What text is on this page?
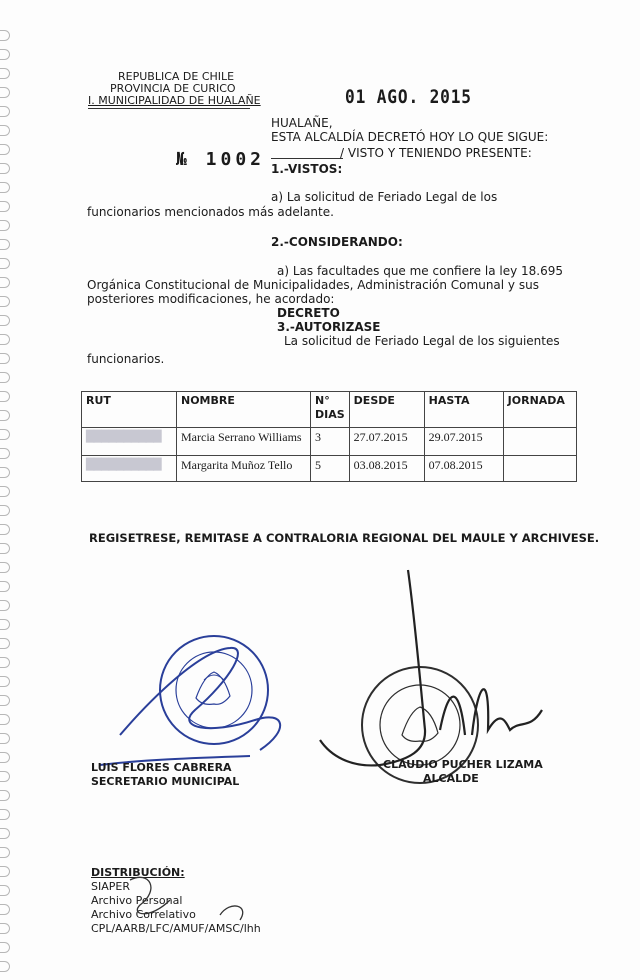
REPUBLICA DE CHILE
PROVINCIA DE CURICO
I. MUNICIPALIDAD DE HUALAÑE	01 AGO. 2015
HUALAÑE,
ESTA ALCALDÍA DECRETÓ HOY LO QUE SIGUE:
№ 1002	/ VISTO Y TENIENDO PRESENTE:
1.-VISTOS:
a) La solicitud de Feriado Legal de los
funcionarios mencionados más adelante.
2.-CONSIDERANDO:
a) Las facultades que me confiere la ley 18.695
Orgánica Constitucional de Municipalidades, Administración Comunal y sus
posteriores modificaciones, he acordado:
DECRETO
3.-AUTORIZASE
La solicitud de Feriado Legal de los siguientes
funcionarios.
RUT	NOMBRE	N°
DIAS	DESDE	HASTA	JORNADA
██████████	Marcia Serrano Williams	3	27.07.2015	29.07.2015	
██████████	Margarita Muñoz Tello	5	03.08.2015	07.08.2015	
REGISETRESE, REMITASE A CONTRALORIA REGIONAL DEL MAULE Y ARCHIVESE.
LUIS FLORES CABRERA
SECRETARIO MUNICIPAL
CLAUDIO PUCHER LIZAMA
ALCALDE
DISTRIBUCIÓN:
SIAPER
Archivo Personal
Archivo Correlativo
CPL/AARB/LFC/AMUF/AMSC/lhh
